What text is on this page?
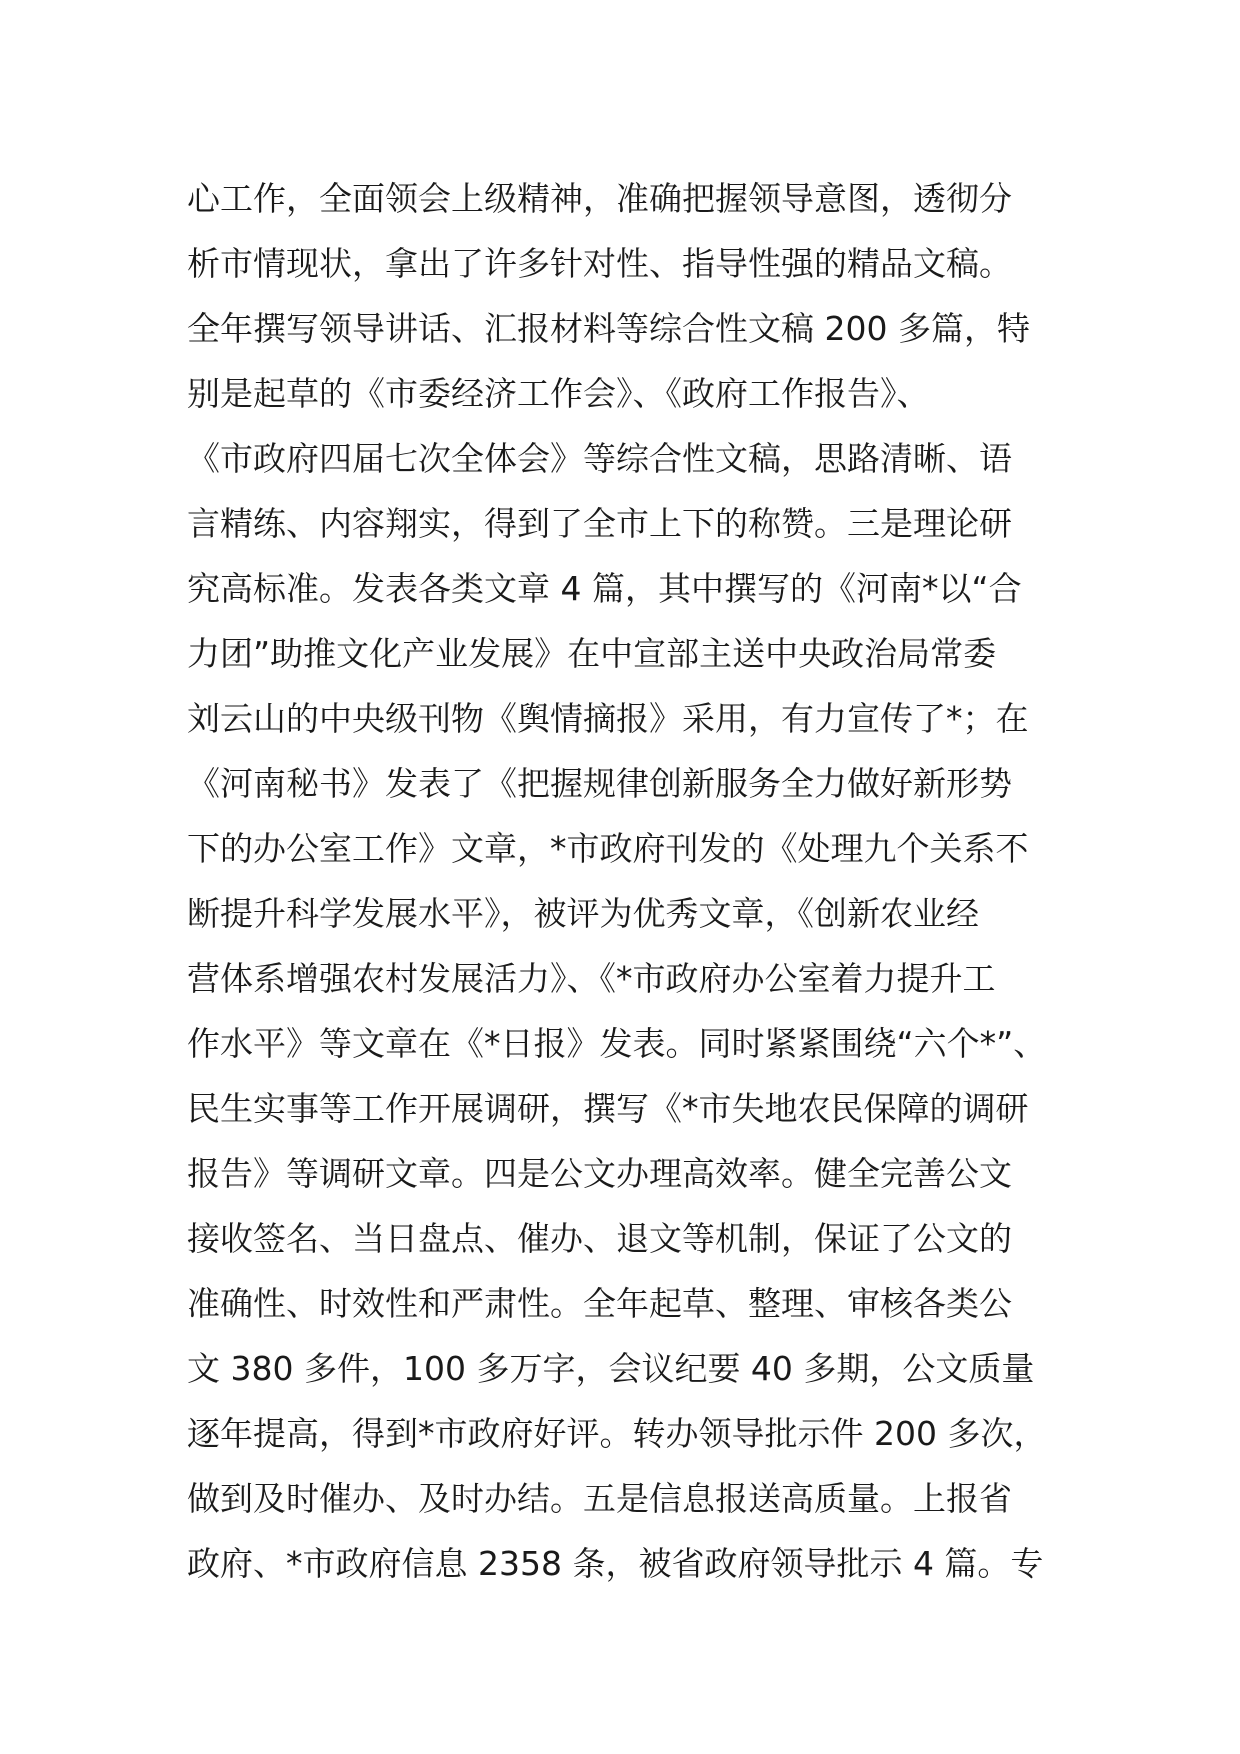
心工作，全面领会上级精神，准确把握领导意图，透彻分
析市情现状，拿出了许多针对性、指导性强的精品文稿。
全年撰写领导讲话、汇报材料等综合性文稿 200 多篇，特
别是起草的《市委经济工作会》、《政府工作报告》、
《市政府四届七次全体会》等综合性文稿，思路清晰、语
言精练、内容翔实，得到了全市上下的称赞。三是理论研
究高标准。发表各类文章 4 篇，其中撰写的《河南*以“合
力团”助推文化产业发展》在中宣部主送中央政治局常委
刘云山的中央级刊物《舆情摘报》采用，有力宣传了*；在
《河南秘书》发表了《把握规律创新服务全力做好新形势
下的办公室工作》文章，*市政府刊发的《处理九个关系不
断提升科学发展水平》，被评为优秀文章，《创新农业经
营体系增强农村发展活力》、《*市政府办公室着力提升工
作水平》等文章在《*日报》发表。同时紧紧围绕“六个*”、
民生实事等工作开展调研，撰写《*市失地农民保障的调研
报告》等调研文章。四是公文办理高效率。健全完善公文
接收签名、当日盘点、催办、退文等机制，保证了公文的
准确性、时效性和严肃性。全年起草、整理、审核各类公
文 380 多件，100 多万字，会议纪要 40 多期，公文质量
逐年提高，得到*市政府好评。转办领导批示件 200 多次，
做到及时催办、及时办结。五是信息报送高质量。上报省
政府、*市政府信息 2358 条，被省政府领导批示 4 篇。专
